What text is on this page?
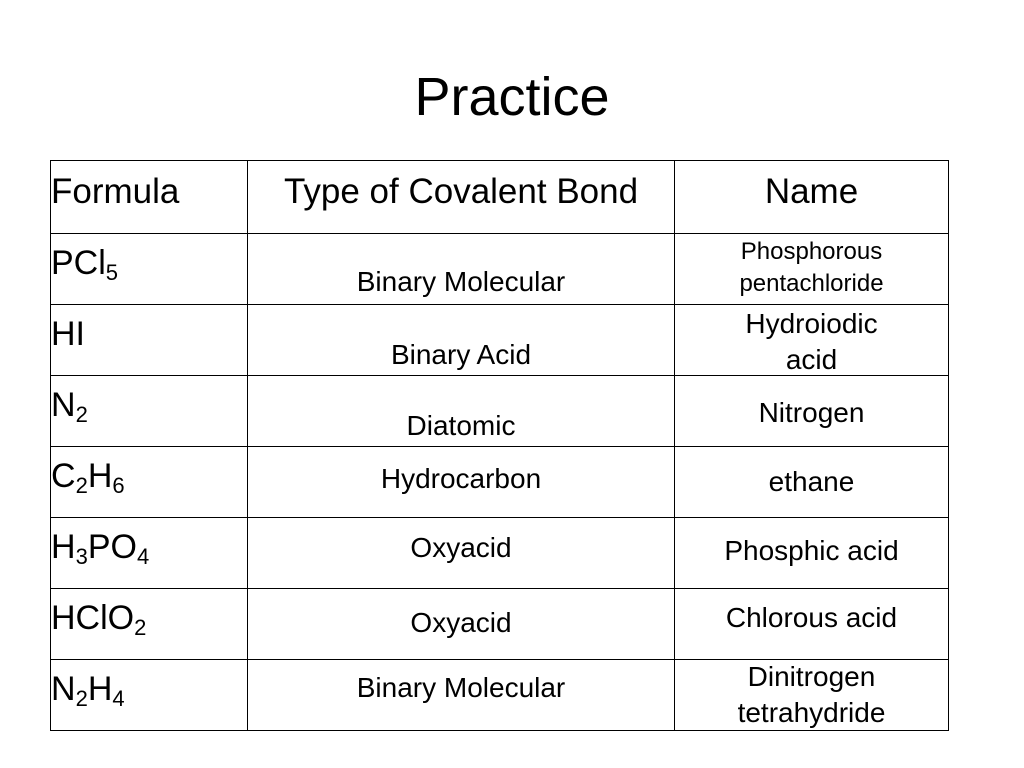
Practice
Formula	Type of Covalent Bond	Name
PCl$_5$	Binary Molecular	Phosphorous
pentachloride

HI	Binary Acid	Hydroiodic
acid

$N_2$	Diatomic	Nitrogen

$C_2H_6$	Hydrocarbon	ethane

$H_3PO_4$	Oxyacid	Phosphic acid

HClO$_2$	Oxyacid	Chlorous acid

$N_2H_4$	Binary Molecular	Dinitrogen
tetrahydride
